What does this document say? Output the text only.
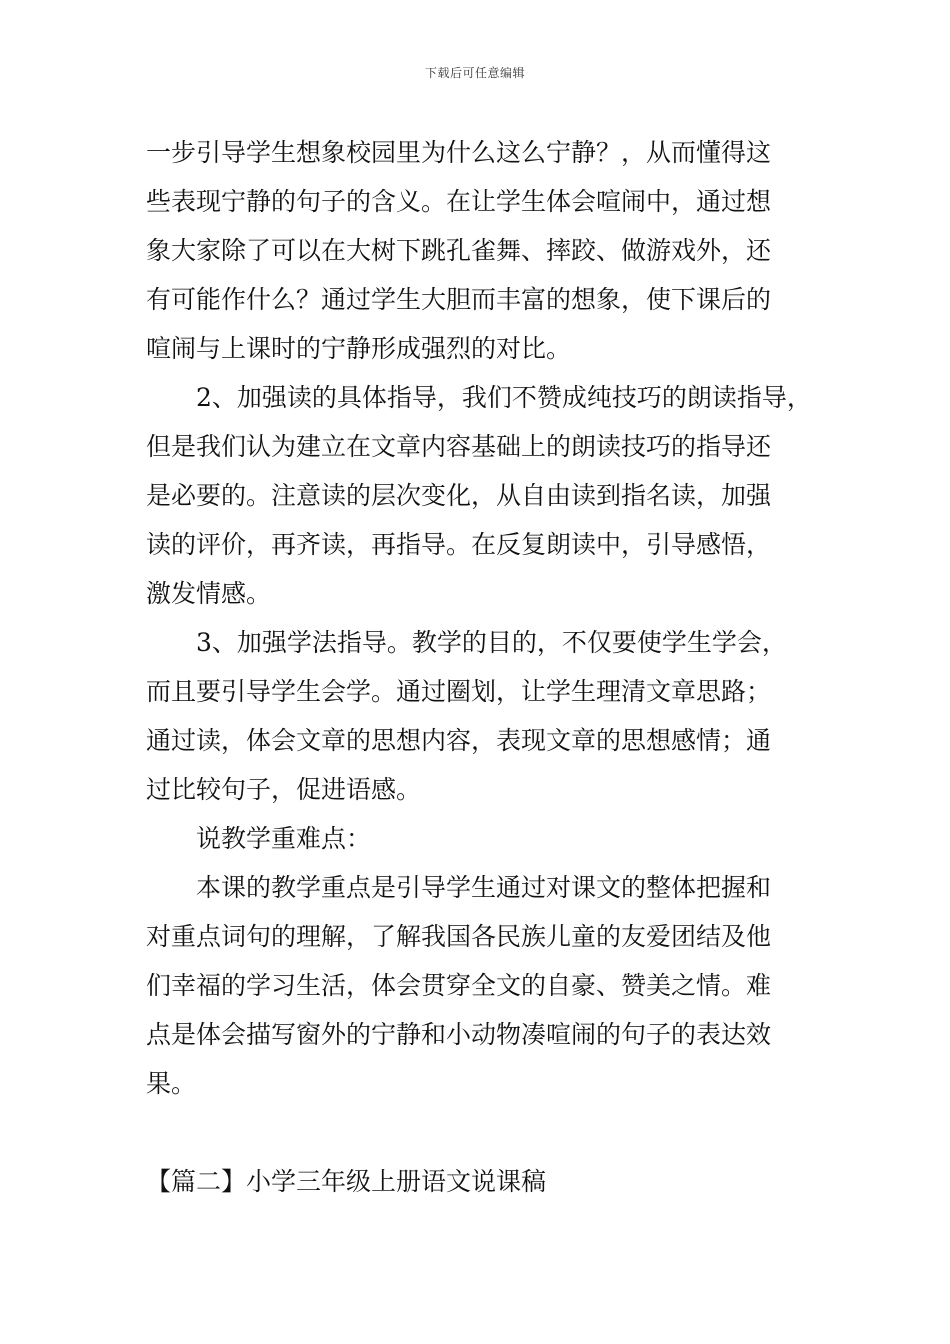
下载后可任意编辑
一步引导学生想象校园里为什么这么宁静？，从而懂得这
些表现宁静的句子的含义。在让学生体会喧闹中，通过想
象大家除了可以在大树下跳孔雀舞、摔跤、做游戏外，还
有可能作什么？通过学生大胆而丰富的想象，使下课后的
喧闹与上课时的宁静形成强烈的对比。
2、加强读的具体指导，我们不赞成纯技巧的朗读指导，
但是我们认为建立在文章内容基础上的朗读技巧的指导还
是必要的。注意读的层次变化，从自由读到指名读，加强
读的评价，再齐读，再指导。在反复朗读中，引导感悟，
激发情感。
3、加强学法指导。教学的目的，不仅要使学生学会，
而且要引导学生会学。通过圈划，让学生理清文章思路；
通过读，体会文章的思想内容，表现文章的思想感情；通
过比较句子，促进语感。
说教学重难点：
本课的教学重点是引导学生通过对课文的整体把握和
对重点词句的理解，了解我国各民族儿童的友爱团结及他
们幸福的学习生活，体会贯穿全文的自豪、赞美之情。难
点是体会描写窗外的宁静和小动物凑喧闹的句子的表达效
果。
【篇二】小学三年级上册语文说课稿
